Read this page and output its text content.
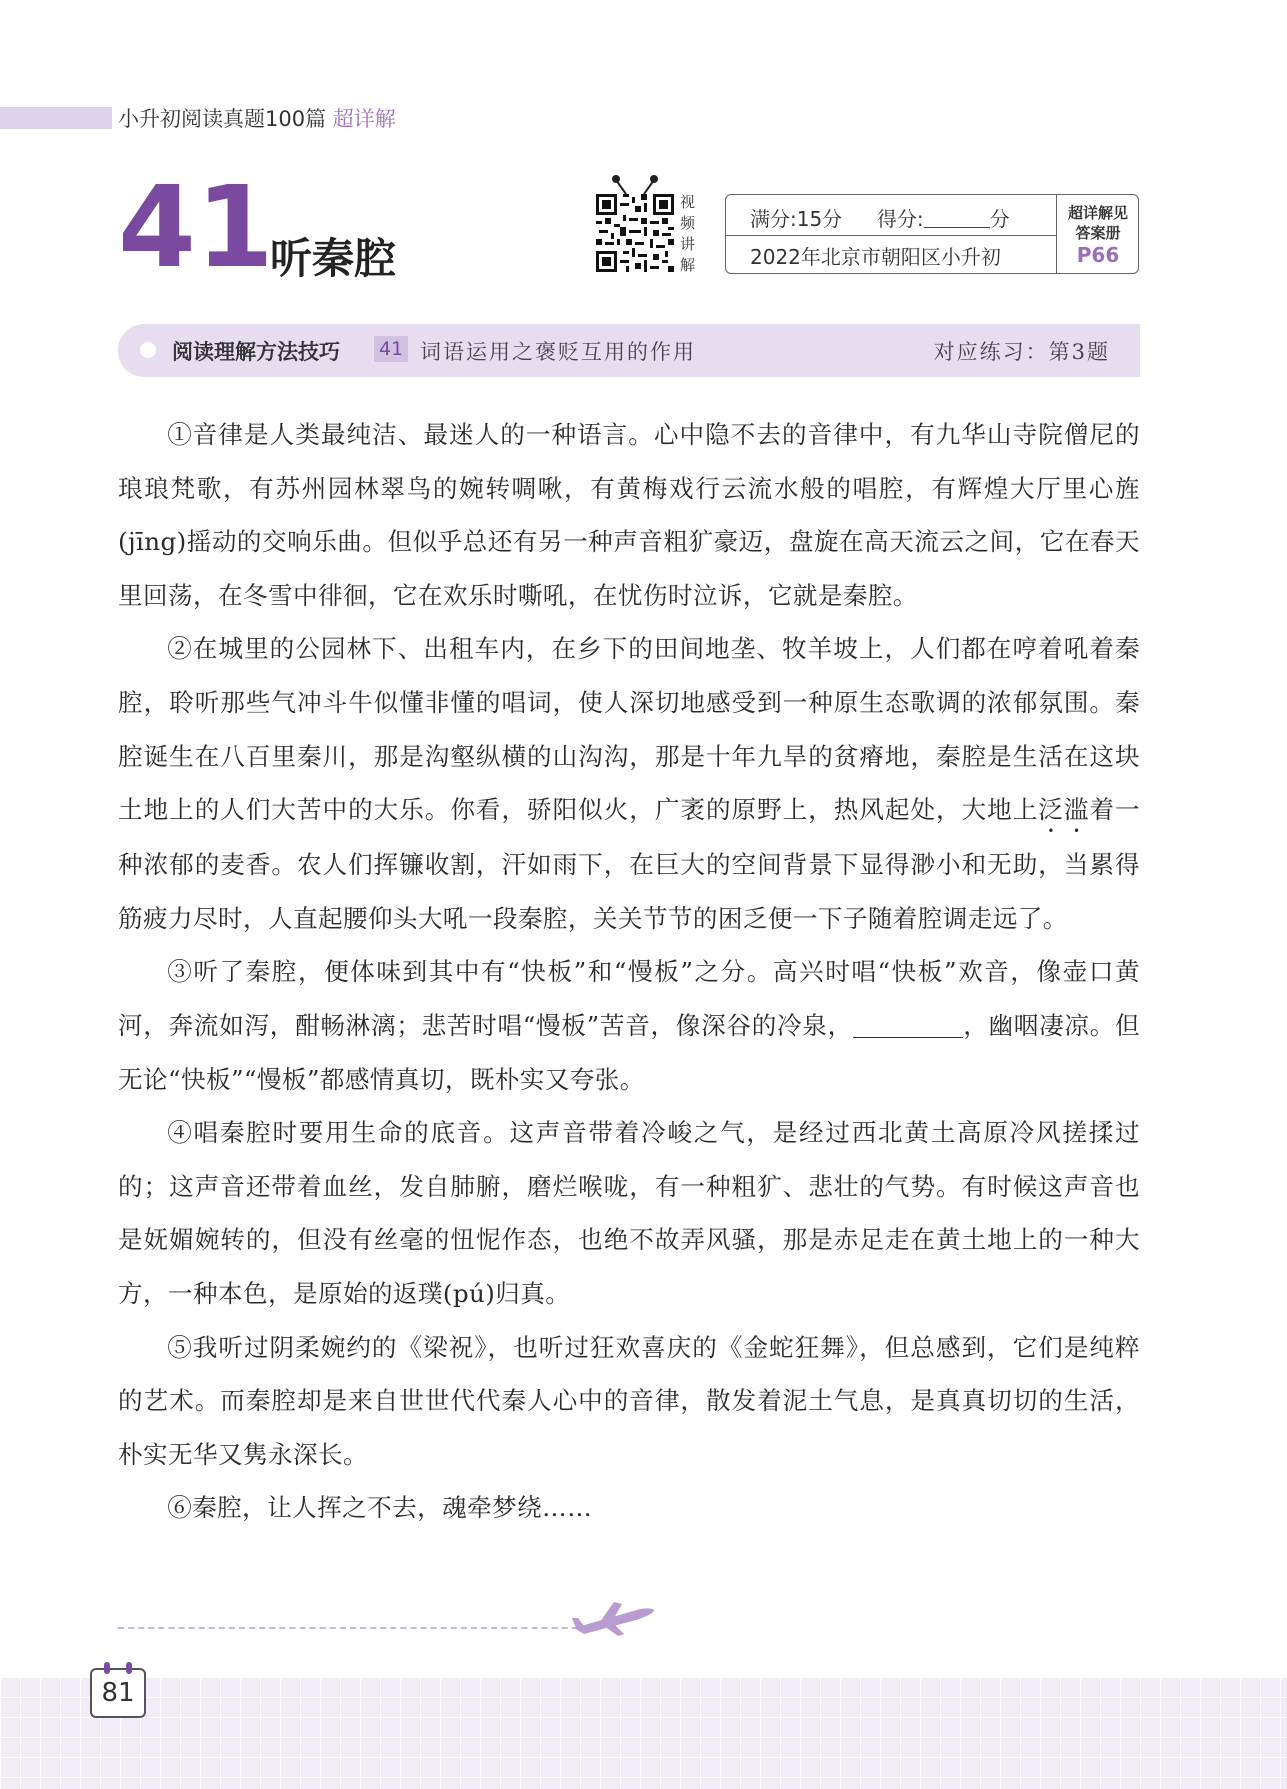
小升初阅读真题100篇 超详解
41
听秦腔
视频讲解
满分:15分 得分:	分
2022年北京市朝阳区小升初
超详解见
答案册
P66
阅读理解方法技巧 41 词语运用之褒贬互用的作用	对应练习：第3题

①音律是人类最纯洁、最迷人的一种语言。心中隐不去的音律中，有九华山寺院僧尼的琅琅梵歌，有苏州园林翠鸟的婉转啁啾，有黄梅戏行云流水般的唱腔，有辉煌大厅里心旌(jīng)摇动的交响乐曲。但似乎总还有另一种声音粗犷豪迈，盘旋在高天流云之间，它在春天里回荡，在冬雪中徘徊，它在欢乐时嘶吼，在忧伤时泣诉，它就是秦腔。

②在城里的公园林下、出租车内，在乡下的田间地垄、牧羊坡上，人们都在哼着吼着秦腔，聆听那些气冲斗牛似懂非懂的唱词，使人深切地感受到一种原生态歌调的浓郁氛围。秦腔诞生在八百里秦川，那是沟壑纵横的山沟沟，那是十年九旱的贫瘠地，秦腔是生活在这块土地上的人们大苦中的大乐。你看，骄阳似火，广袤的原野上，热风起处，大地上泛滥着一种浓郁的麦香。农人们挥镰收割，汗如雨下，在巨大的空间背景下显得渺小和无助，当累得筋疲力尽时，人直起腰仰头大吼一段秦腔，关关节节的困乏便一下子随着腔调走远了。

③听了秦腔，便体味到其中有“快板”和“慢板”之分。高兴时唱“快板”欢音，像壶口黄河，奔流如泻，酣畅淋漓；悲苦时唱“慢板”苦音，像深谷的冷泉，	，幽咽凄凉。但无论“快板”“慢板”都感情真切，既朴实又夸张。

④唱秦腔时要用生命的底音。这声音带着冷峻之气，是经过西北黄土高原冷风搓揉过的；这声音还带着血丝，发自肺腑，磨烂喉咙，有一种粗犷、悲壮的气势。有时候这声音也是妩媚婉转的，但没有丝毫的忸怩作态，也绝不故弄风骚，那是赤足走在黄土地上的一种大方，一种本色，是原始的返璞(pú)归真。

⑤我听过阴柔婉约的《梁祝》，也听过狂欢喜庆的《金蛇狂舞》，但总感到，它们是纯粹的艺术。而秦腔却是来自世世代代秦人心中的音律，散发着泥土气息，是真真切切的生活，朴实无华又隽永深长。

⑥秦腔，让人挥之不去，魂牵梦绕……

81
